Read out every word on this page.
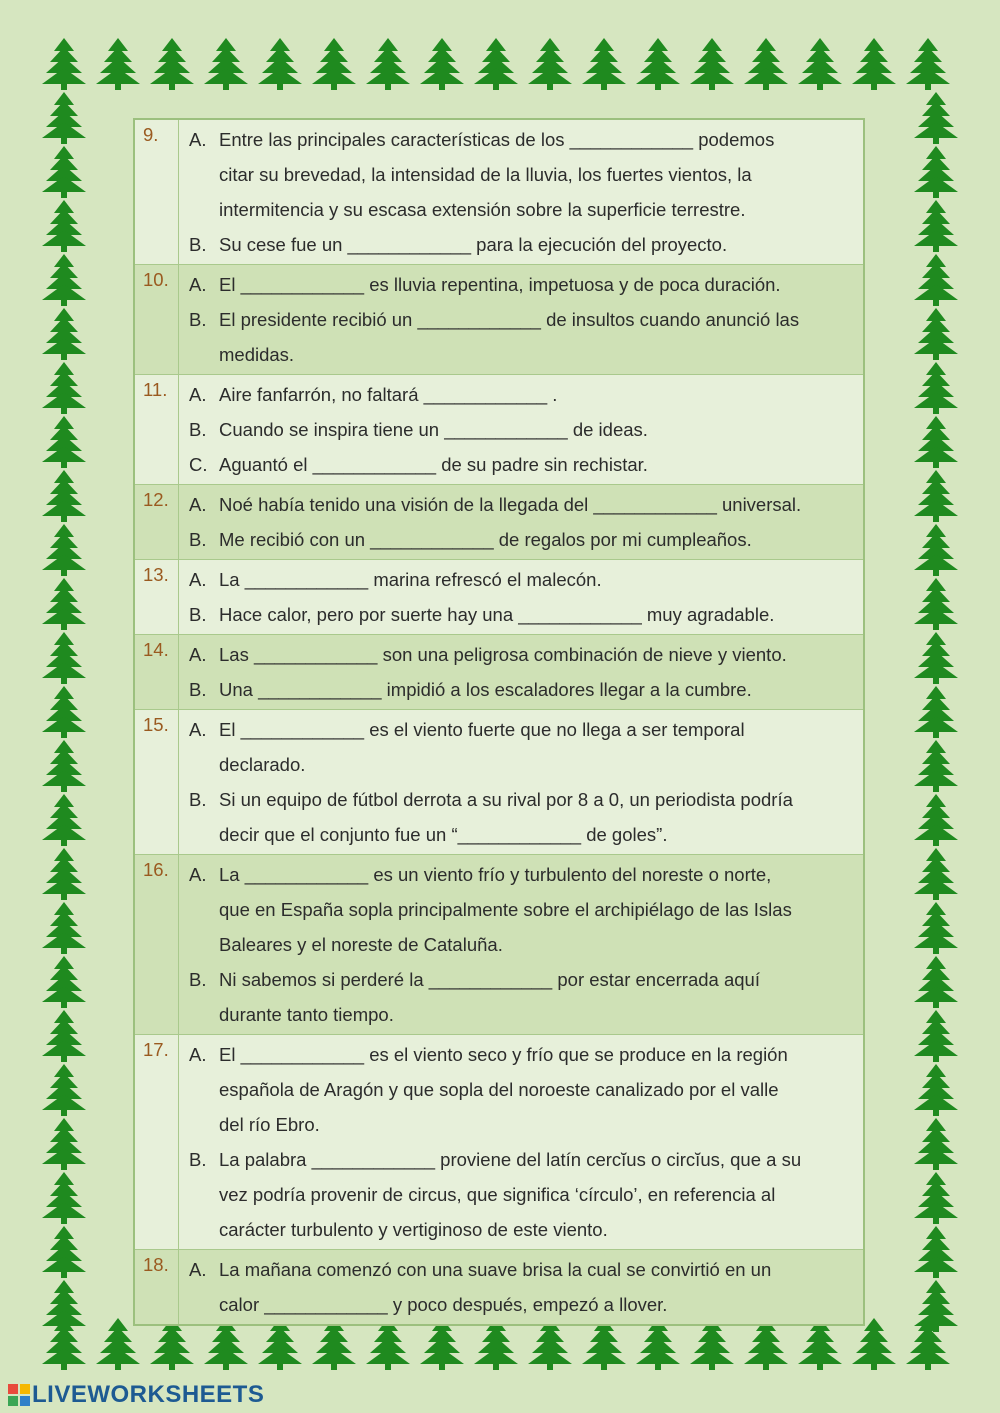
9.	A. Entre las principales características de los ____________ podemos
citar su brevedad, la intensidad de la lluvia, los fuertes vientos, la
intermitencia y su escasa extensión sobre la superficie terrestre.
B. Su cese fue un ____________ para la ejecución del proyecto.
10.	A. El ____________ es lluvia repentina, impetuosa y de poca duración.
B. El presidente recibió un ____________ de insultos cuando anunció las
medidas.
11.	A. Aire fanfarrón, no faltará ____________ .
B. Cuando se inspira tiene un ____________ de ideas.
C. Aguantó el ____________ de su padre sin rechistar.
12.	A. Noé había tenido una visión de la llegada del ____________ universal.
B. Me recibió con un ____________ de regalos por mi cumpleaños.
13.	A. La ____________ marina refrescó el malecón.
B. Hace calor, pero por suerte hay una ____________ muy agradable.
14.	A. Las ____________ son una peligrosa combinación de nieve y viento.
B. Una ____________ impidió a los escaladores llegar a la cumbre.
15.	A. El ____________ es el viento fuerte que no llega a ser temporal
declarado.
B. Si un equipo de fútbol derrota a su rival por 8 a 0, un periodista podría
decir que el conjunto fue un “____________ de goles”.
16.	A. La ____________ es un viento frío y turbulento del noreste o norte,
que en España sopla principalmente sobre el archipiélago de las Islas
Baleares y el noreste de Cataluña.
B. Ni sabemos si perderé la ____________ por estar encerrada aquí
durante tanto tiempo.
17.	A. El ____________ es el viento seco y frío que se produce en la región
española de Aragón y que sopla del noroeste canalizado por el valle
del río Ebro.
B. La palabra ____________ proviene del latín cercĭus o circĭus, que a su
vez podría provenir de circus, que significa ‘círculo’, en referencia al
carácter turbulento y vertiginoso de este viento.
18.	A. La mañana comenzó con una suave brisa la cual se convirtió en un
calor ____________ y poco después, empezó a llover.
LIVEWORKSHEETS
